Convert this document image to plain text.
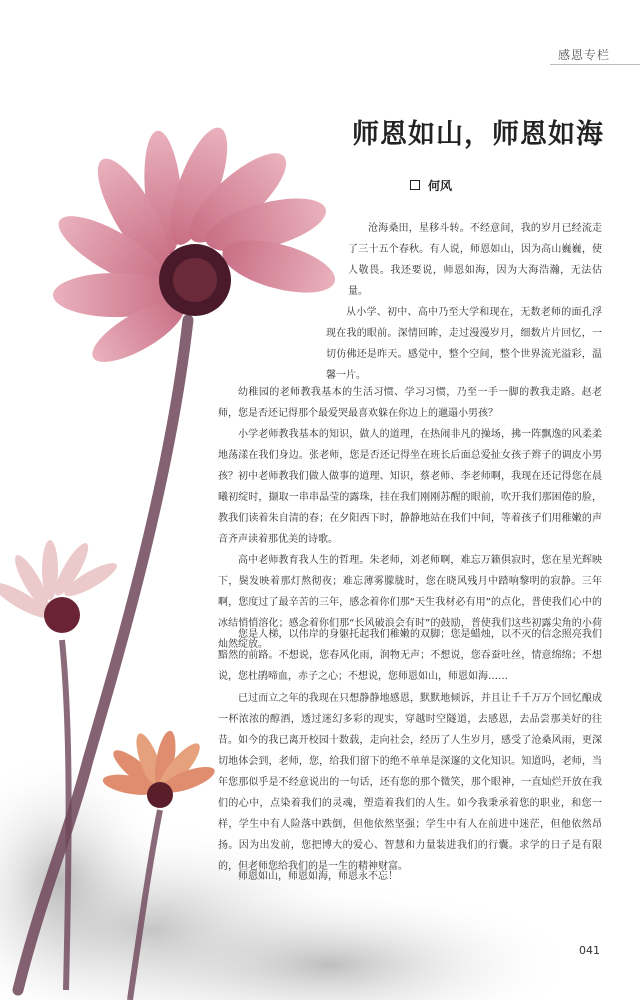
感恩专栏
师恩如山，师恩如海
何风

沧海桑田，星移斗转。不经意间，我的岁月已经流走了三十五个春秋。有人说，师恩如山，因为高山巍巍，使人敬畏。我还要说，师恩如海，因为大海浩瀚，无法估量。

从小学、初中、高中乃至大学和现在，无数老师的面孔浮现在我的眼前。深情回眸，走过漫漫岁月，细数片片回忆，一切仿佛还是昨天。感觉中，整个空间，整个世界流光溢彩，温馨一片。

幼稚园的老师教我基本的生活习惯、学习习惯，乃至一手一脚的教我走路。赵老师，您是否还记得那个最爱哭最喜欢躲在你边上的邋遢小男孩？

小学老师教我基本的知识，做人的道理，在热闹非凡的操场，拂一阵飘逸的风柔柔地荡漾在我们身边。张老师，您是否还记得坐在班长后面总爱扯女孩子辫子的调皮小男孩？ 初中老师教我们做人做事的道理、知识，蔡老师、李老师啊，我现在还记得您在晨曦初绽时，撷取一串串晶莹的露珠，挂在我们刚刚苏醒的眼前，吹开我们那困倦的脸，教我们读着朱自清的春；在夕阳西下时，静静地站在我们中间，等着孩子们用稚嫩的声音齐声读着那优美的诗歌。

高中老师教育我人生的哲理。朱老师，刘老师啊，难忘万籁俱寂时，您在星光辉映下，鬓发映着那灯熬彻夜；难忘薄雾朦胧时，您在晓风残月中踏响黎明的寂静。三年啊，您度过了最辛苦的三年，感念着你们那“天生我材必有用”的点化，普使我们心中的冰结悄悄溶化；感念着你们那“长风破浪会有时”的鼓励，普使我们这些初露尖角的小荷灿然绽放。

您是人梯，以伟岸的身躯托起我们稚嫩的双脚；您是蜡烛，以不灭的信念照亮我们黯然的前路。不想说，您春风化雨，润物无声；不想说，您吞蚕吐丝，情意绵绵；不想说，您杜鹃啼血，赤子之心；不想说，您师恩如山，师恩如海……

已过而立之年的我现在只想静静地感恩，默默地倾诉，并且让千千万万个回忆酿成一杯浓浓的醇酒，透过迷幻多彩的现实，穿越时空隧道，去感恩，去品尝那美好的往昔。 如今的我已离开校园十数载，走向社会，经历了人生岁月，感受了沧桑风雨，更深切地体会到，老师，您，给我们留下的绝不单单是深邃的文化知识。知道吗，老师，当年您那似乎是不经意说出的一句话，还有您的那个微笑，那个眼神，一直灿烂开放在我们的心中，点染着我们的灵魂，塑造着我们的人生。如今我秉承着您的职业，和您一样，学生中有人险落中跌倒，但他依然坚强；学生中有人在前进中迷茫，但他依然昂扬。因为出发前，您把博大的爱心、智慧和力量装进我们的行囊。求学的日子是有限的，但老师您给我们的是一生的精神财富。

师恩如山，师恩如海，师恩永不忘！

041
